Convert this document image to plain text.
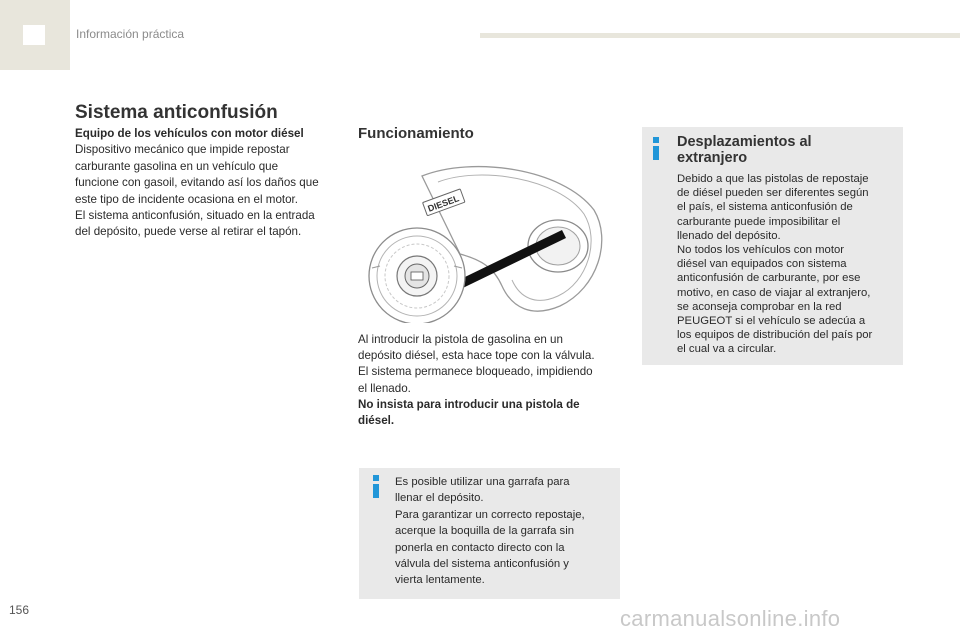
Información práctica
Sistema anticonfusión
Equipo de los vehículos con motor diésel
Dispositivo mecánico que impide repostar
carburante gasolina en un vehículo que
funcione con gasoil, evitando así los daños que
este tipo de incidente ocasiona en el motor.
El sistema anticonfusión, situado en la entrada
del depósito, puede verse al retirar el tapón.
Funcionamiento
DIESEL
Al introducir la pistola de gasolina en un
depósito diésel, esta hace tope con la válvula.
El sistema permanece bloqueado, impidiendo
el llenado.
No insista para introducir una pistola de
diésel.
Es posible utilizar una garrafa para
llenar el depósito.
Para garantizar un correcto repostaje,
acerque la boquilla de la garrafa sin
ponerla en contacto directo con la
válvula del sistema anticonfusión y
vierta lentamente.
Desplazamientos al
extranjero
Debido a que las pistolas de repostaje
de diésel pueden ser diferentes según
el país, el sistema anticonfusión de
carburante puede imposibilitar el
llenado del depósito.
No todos los vehículos con motor
diésel van equipados con sistema
anticonfusión de carburante, por ese
motivo, en caso de viajar al extranjero,
se aconseja comprobar en la red
PEUGEOT si el vehículo se adecúa a
los equipos de distribución del país por
el cual va a circular.
156	carmanualsonline.info
